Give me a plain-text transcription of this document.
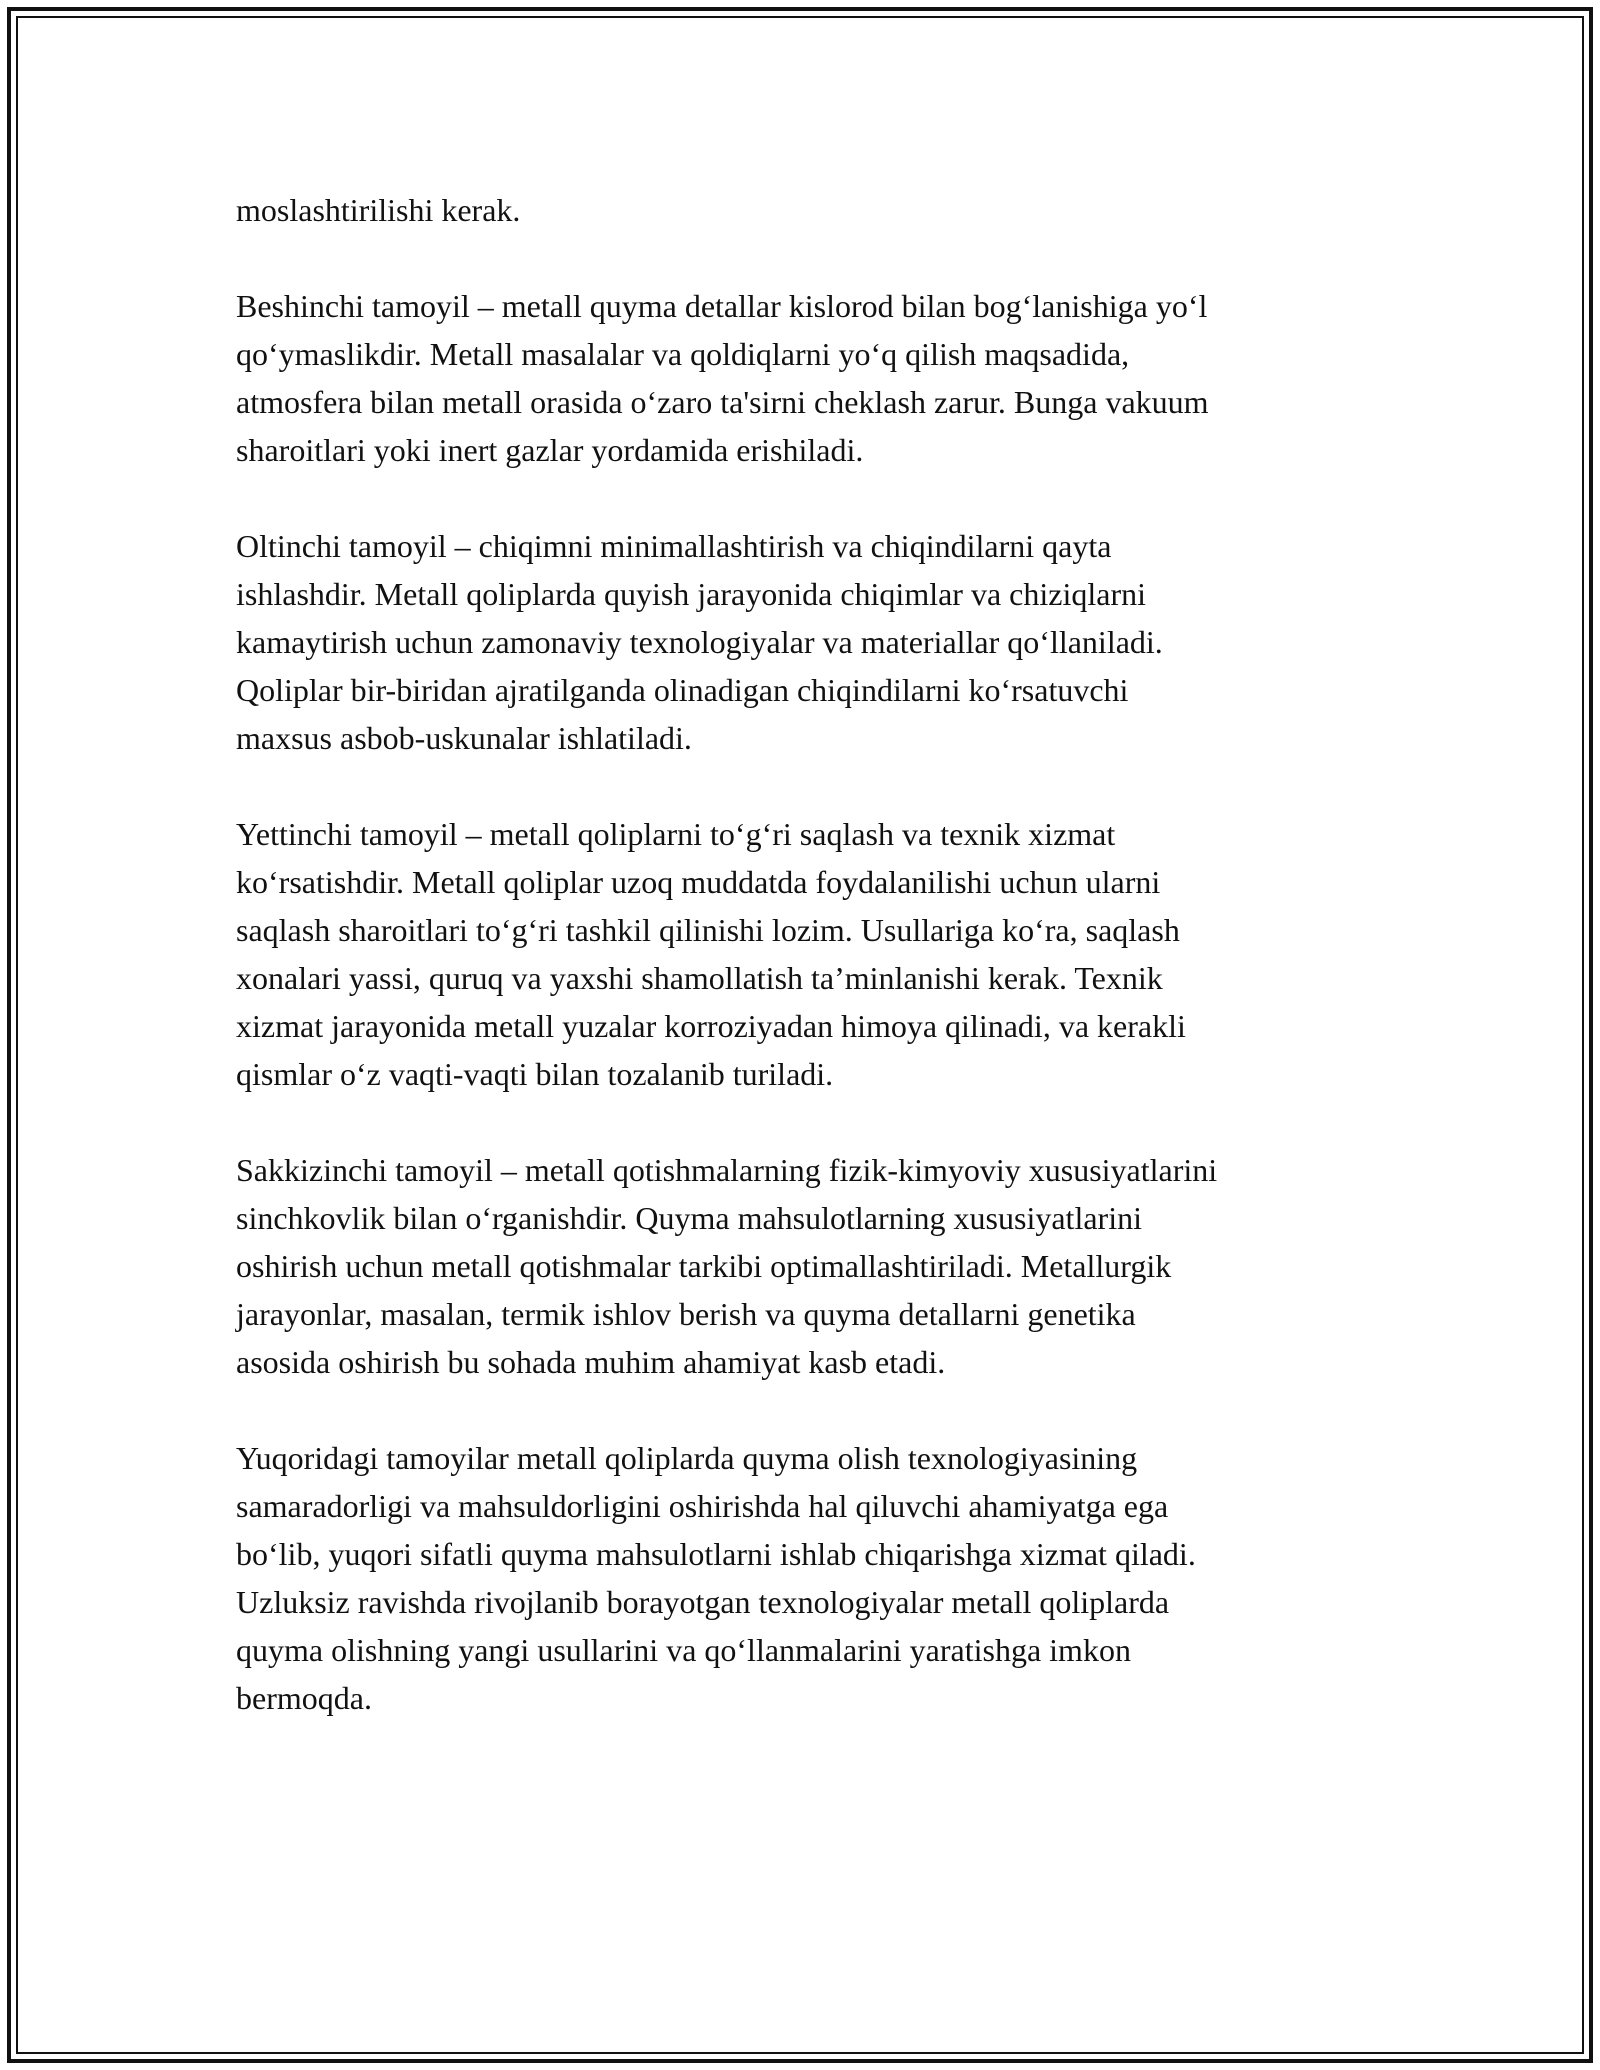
moslashtirilishi kerak.

Beshinchi tamoyil – metall quyma detallar kislorod bilan bog‘lanishiga yo‘l
qo‘ymaslikdir. Metall masalalar va qoldiqlarni yo‘q qilish maqsadida,
atmosfera bilan metall orasida o‘zaro ta'sirni cheklash zarur. Bunga vakuum
sharoitlari yoki inert gazlar yordamida erishiladi.

Oltinchi tamoyil – chiqimni minimallashtirish va chiqindilarni qayta
ishlashdir. Metall qoliplarda quyish jarayonida chiqimlar va chiziqlarni
kamaytirish uchun zamonaviy texnologiyalar va materiallar qo‘llaniladi.
Qoliplar bir-biridan ajratilganda olinadigan chiqindilarni ko‘rsatuvchi
maxsus asbob-uskunalar ishlatiladi.

Yettinchi tamoyil – metall qoliplarni to‘g‘ri saqlash va texnik xizmat
ko‘rsatishdir. Metall qoliplar uzoq muddatda foydalanilishi uchun ularni
saqlash sharoitlari to‘g‘ri tashkil qilinishi lozim. Usullariga ko‘ra, saqlash
xonalari yassi, quruq va yaxshi shamollatish ta’minlanishi kerak. Texnik
xizmat jarayonida metall yuzalar korroziyadan himoya qilinadi, va kerakli
qismlar o‘z vaqti-vaqti bilan tozalanib turiladi.

Sakkizinchi tamoyil – metall qotishmalarning fizik-kimyoviy xususiyatlarini
sinchkovlik bilan o‘rganishdir. Quyma mahsulotlarning xususiyatlarini
oshirish uchun metall qotishmalar tarkibi optimallashtiriladi. Metallurgik
jarayonlar, masalan, termik ishlov berish va quyma detallarni genetika
asosida oshirish bu sohada muhim ahamiyat kasb etadi.

Yuqoridagi tamoyilar metall qoliplarda quyma olish texnologiyasining
samaradorligi va mahsuldorligini oshirishda hal qiluvchi ahamiyatga ega
bo‘lib, yuqori sifatli quyma mahsulotlarni ishlab chiqarishga xizmat qiladi.
Uzluksiz ravishda rivojlanib borayotgan texnologiyalar metall qoliplarda
quyma olishning yangi usullarini va qo‘llanmalarini yaratishga imkon
bermoqda.
